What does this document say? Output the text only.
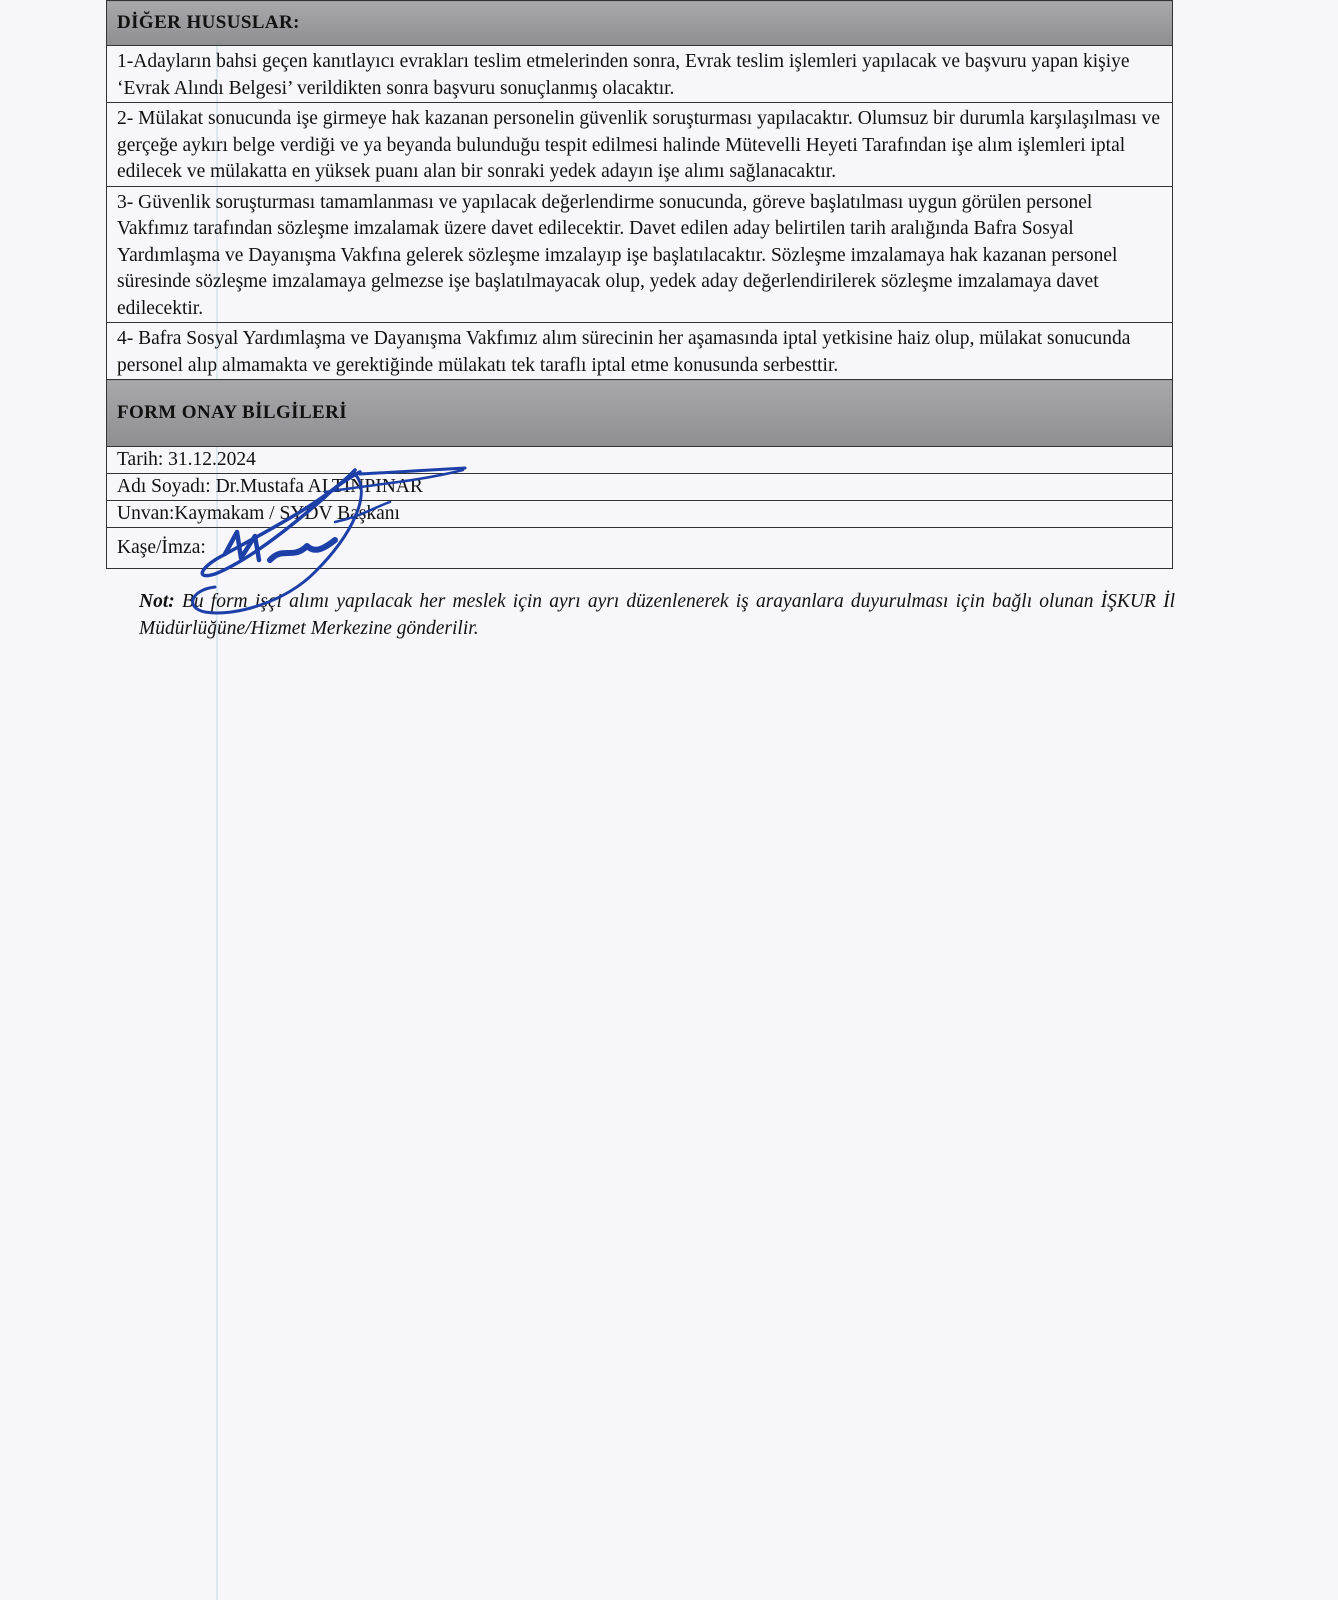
DİĞER HUSUSLAR:
1-Adayların bahsi geçen kanıtlayıcı evrakları teslim etmelerinden sonra, Evrak teslim işlemleri yapılacak ve başvuru yapan kişiye ‘Evrak Alındı Belgesi’ verildikten sonra başvuru sonuçlanmış olacaktır.
2- Mülakat sonucunda işe girmeye hak kazanan personelin güvenlik soruşturması yapılacaktır. Olumsuz bir durumla karşılaşılması ve gerçeğe aykırı belge verdiği ve ya beyanda bulunduğu tespit edilmesi halinde Mütevelli Heyeti Tarafından işe alım işlemleri iptal edilecek ve mülakatta en yüksek puanı alan bir sonraki yedek adayın işe alımı sağlanacaktır.
3- Güvenlik soruşturması tamamlanması ve yapılacak değerlendirme sonucunda, göreve başlatılması uygun görülen personel Vakfımız tarafından sözleşme imzalamak üzere davet edilecektir. Davet edilen aday belirtilen tarih aralığında Bafra Sosyal Yardımlaşma ve Dayanışma Vakfına gelerek sözleşme imzalayıp işe başlatılacaktır. Sözleşme imzalamaya hak kazanan personel süresinde sözleşme imzalamaya gelmezse işe başlatılmayacak olup, yedek aday değerlendirilerek sözleşme imzalamaya davet edilecektir.
4- Bafra Sosyal Yardımlaşma ve Dayanışma Vakfımız alım sürecinin her aşamasında iptal yetkisine haiz olup, mülakat sonucunda personel alıp almamakta ve gerektiğinde mülakatı tek taraflı iptal etme konusunda serbesttir.
FORM ONAY BİLGİLERİ
Tarih: 31.12.2024
Adı Soyadı: Dr.Mustafa ALTINPINAR
Unvan:Kaymakam / SYDV Başkanı
Kaşe/İmza:
Not: Bu form işçi alımı yapılacak her meslek için ayrı ayrı düzenlenerek iş arayanlara duyurulması için bağlı olunan İŞKUR İl Müdürlüğüne/Hizmet Merkezine gönderilir.
